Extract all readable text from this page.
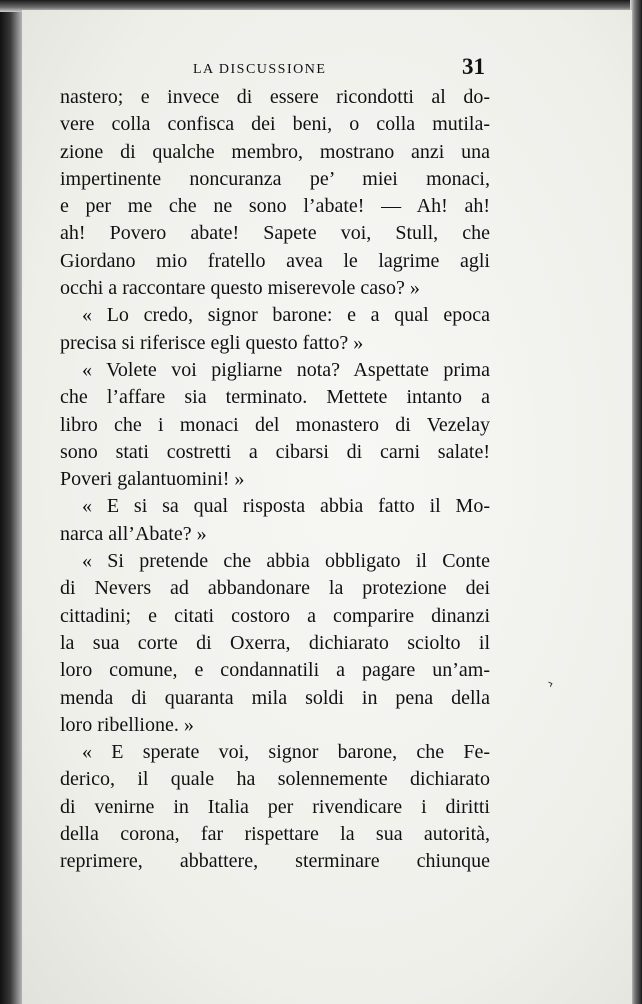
LA DISCUSSIONE	31
nastero; e invece di essere ricondotti al do-
vere colla confisca dei beni, o colla mutila-
zione di qualche membro, mostrano anzi una
impertinente noncuranza pe’ miei monaci,
e per me che ne sono l’abate! — Ah! ah!
ah! Povero abate! Sapete voi, Stull, che
Giordano mio fratello avea le lagrime agli
occhi a raccontare questo miserevole caso? »
« Lo credo, signor barone: e a qual epoca
precisa si riferisce egli questo fatto? »
« Volete voi pigliarne nota? Aspettate prima
che l’affare sia terminato. Mettete intanto a
libro che i monaci del monastero di Vezelay
sono stati costretti a cibarsi di carni salate!
Poveri galantuomini! »
« E si sa qual risposta abbia fatto il Mo-
narca all’Abate? »
« Si pretende che abbia obbligato il Conte
di Nevers ad abbandonare la protezione dei
cittadini; e citati costoro a comparire dinanzi
la sua corte di Oxerra, dichiarato sciolto il
loro comune, e condannatili a pagare un’am-
menda di quaranta mila soldi in pena della
loro ribellione. »
« E sperate voi, signor barone, che Fe-
derico, il quale ha solennemente dichiarato
di venirne in Italia per rivendicare i diritti
della corona, far rispettare la sua autorità,
reprimere, abbattere, sterminare chiunque
›
